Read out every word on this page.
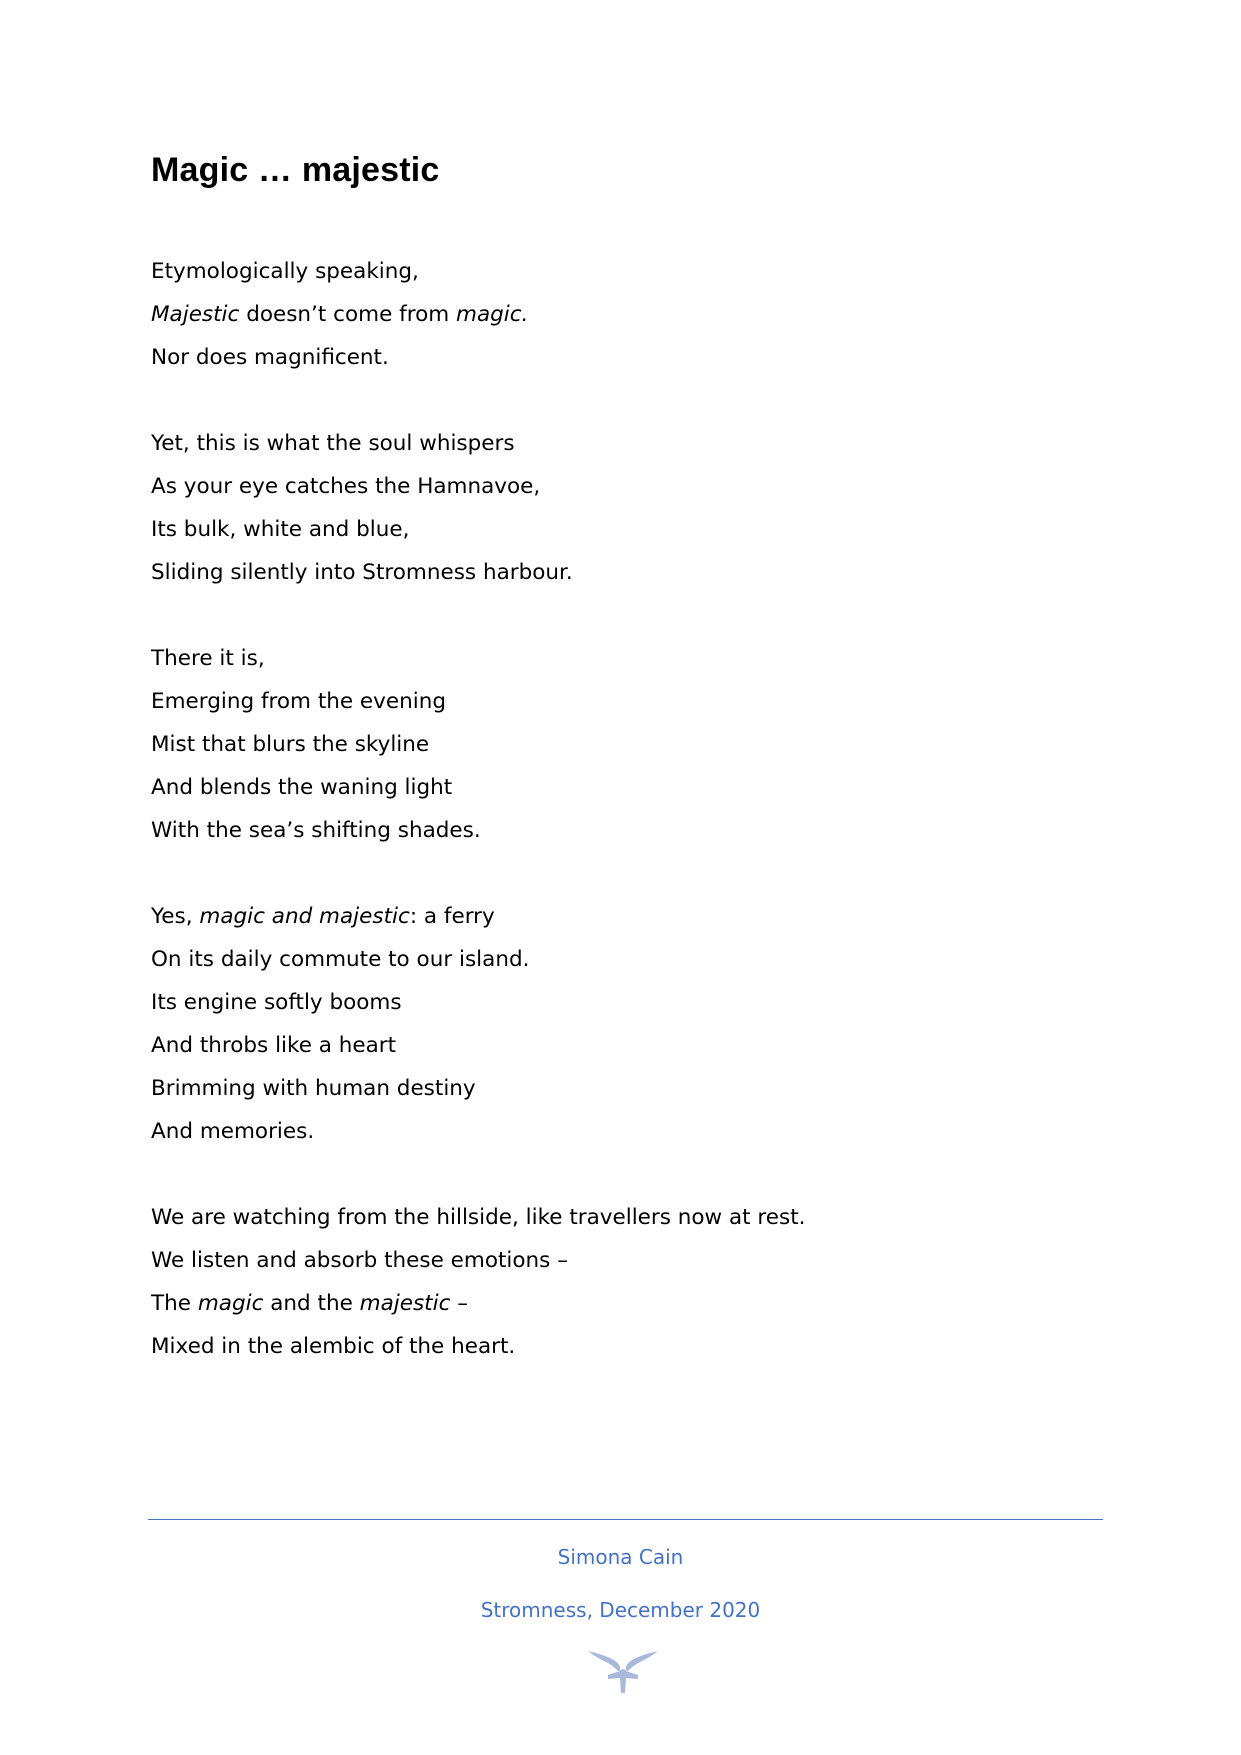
Magic … majestic
Etymologically speaking,
Majestic doesn’t come from magic.
Nor does magnificent.
Yet, this is what the soul whispers
As your eye catches the Hamnavoe,
Its bulk, white and blue,
Sliding silently into Stromness harbour.
There it is,
Emerging from the evening
Mist that blurs the skyline
And blends the waning light
With the sea’s shifting shades.
Yes, magic and majestic: a ferry
On its daily commute to our island.
Its engine softly booms
And throbs like a heart
Brimming with human destiny
And memories.
We are watching from the hillside, like travellers now at rest.
We listen and absorb these emotions –
The magic and the majestic –
Mixed in the alembic of the heart.
Simona Cain
Stromness, December 2020
